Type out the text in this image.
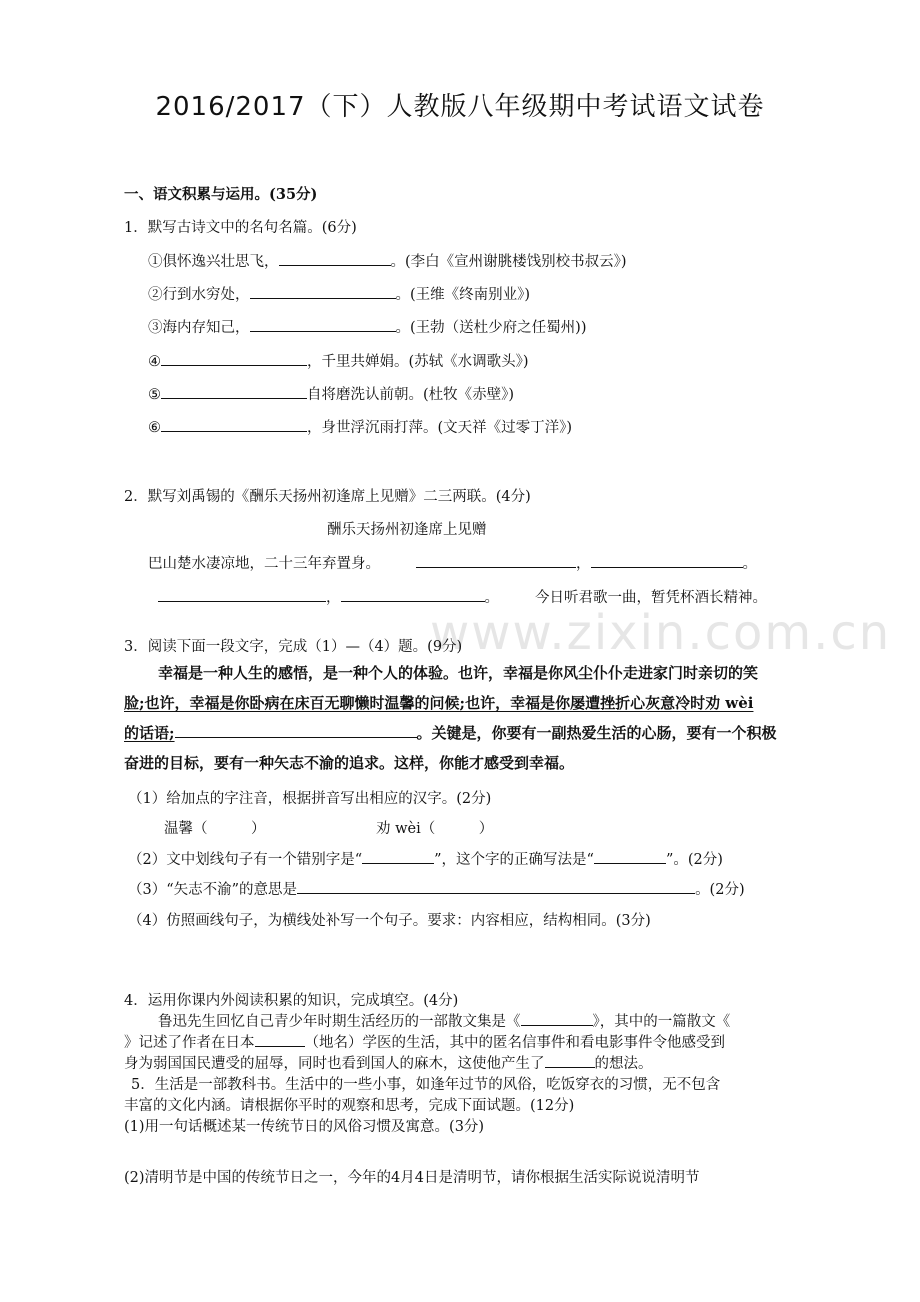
www.zixin.com.cn
2016/2017（下）人教版八年级期中考试语文试卷
一、语文积累与运用。(35分)
1．默写古诗文中的名句名篇。(6分)
①俱怀逸兴壮思飞，	。(李白《宣州谢朓楼饯别校书叔云》)
②行到水穷处，	。(王维《终南别业》)
③海内存知己，	。(王勃（送杜少府之任蜀州))
④	，千里共婵娟。(苏轼《水调歌头》)
⑤	自将磨洗认前朝。(杜牧《赤壁》)
⑥	，身世浮沉雨打萍。(文天祥《过零丁洋》)
2．默写刘禹锡的《酬乐天扬州初逢席上见赠》二三两联。(4分)
酬乐天扬州初逢席上见赠
巴山楚水凄凉地，二十三年弃置身。	，	。
，	。 今日听君歌一曲，暂凭杯酒长精神。
3．阅读下面一段文字，完成（1）—（4）题。(9分)
幸福是一种人生的感悟，是一种个人的体验。也许，幸福是你风尘仆仆走进家门时亲切的笑
脸;也许，幸福是你卧病在床百无聊懒时温馨的问候;也许，幸福是你屡遭挫折心灰意冷时劝 wèi
的话语;	。关键是，你要有一副热爱生活的心肠，要有一个积极
奋进的目标，要有一种矢志不渝的追求。这样，你能才感受到幸福。
（1）给加点的字注音，根据拼音写出相应的汉字。(2分)
温馨（　　　）	劝 wèi（　　　）
（2）文中划线句子有一个错别字是“	”，这个字的正确写法是“	”。(2分)
（3）“矢志不渝”的意思是	。(2分)
（4）仿照画线句子，为横线处补写一个句子。要求：内容相应，结构相同。(3分)
4．运用你课内外阅读积累的知识，完成填空。(4分)
鲁迅先生回忆自己青少年时期生活经历的一部散文集是《	》，其中的一篇散文《
》记述了作者在日本	（地名）学医的生活，其中的匿名信事件和看电影事件令他感受到
身为弱国国民遭受的屈辱，同时也看到国人的麻木，这使他产生了	的想法。
5．生活是一部教科书。生活中的一些小事，如逢年过节的风俗，吃饭穿衣的习惯，无不包含
丰富的文化内涵。请根据你平时的观察和思考，完成下面试题。(12分)
(1)用一句话概述某一传统节日的风俗习惯及寓意。(3分)
(2)清明节是中国的传统节日之一，今年的4月4日是清明节，请你根据生活实际说说清明节
